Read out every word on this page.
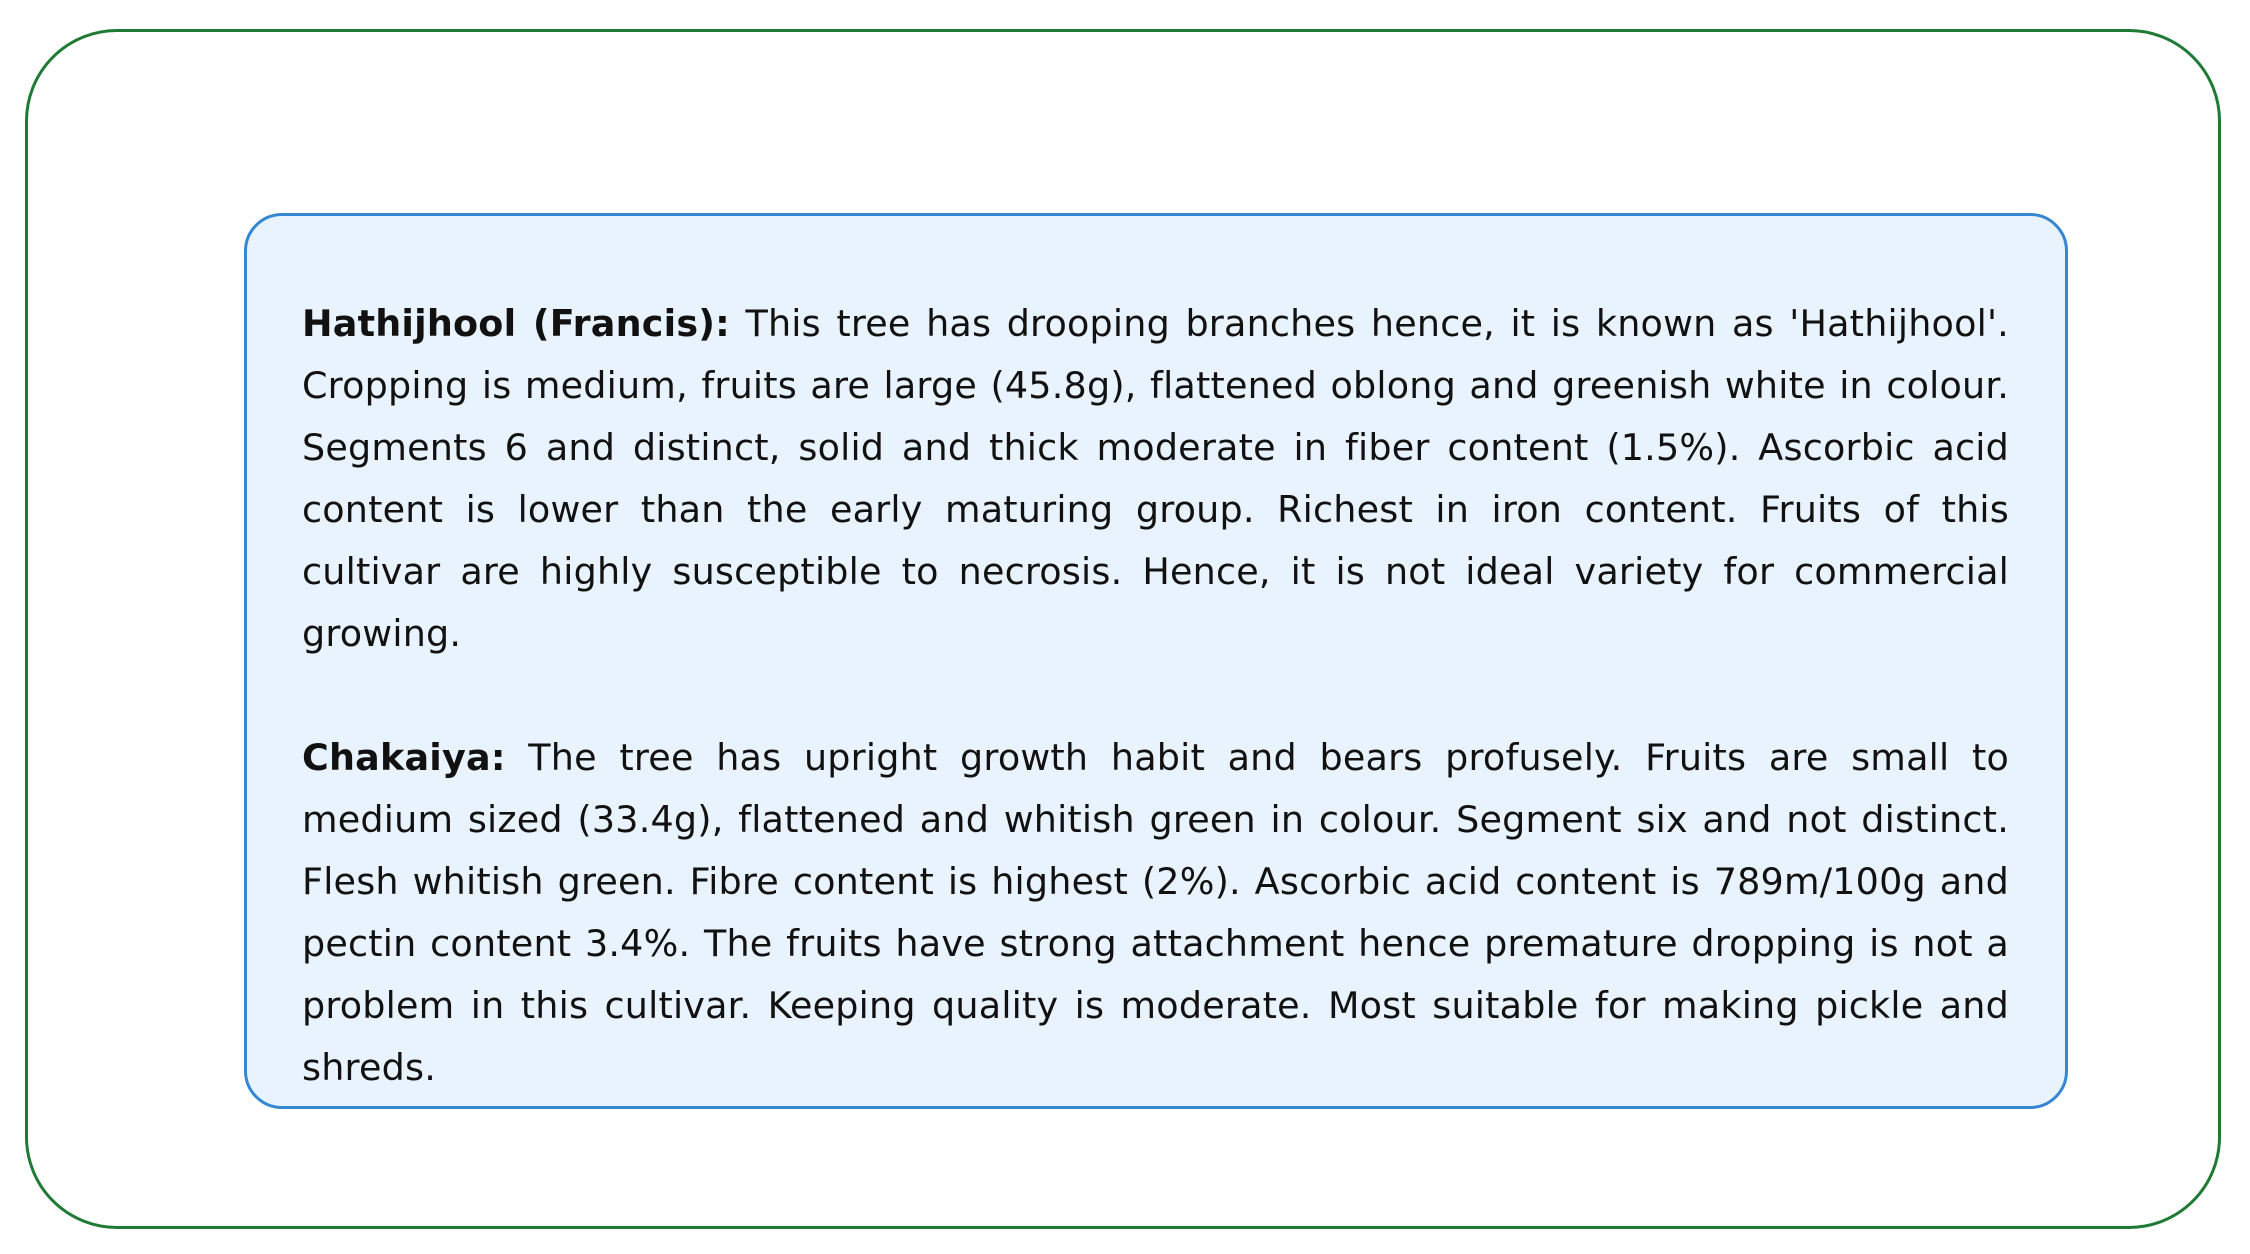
Hathijhool (Francis): This tree has drooping branches hence, it is known as 'Hathijhool'. Cropping is medium, fruits are large (45.8g), flattened oblong and greenish white in colour. Segments 6 and distinct, solid and thick moderate in fiber content (1.5%). Ascorbic acid content is lower than the early maturing group. Richest in iron content. Fruits of this cultivar are highly susceptible to necrosis. Hence, it is not ideal variety for commercial growing.

Chakaiya: The tree has upright growth habit and bears profusely. Fruits are small to medium sized (33.4g), flattened and whitish green in colour. Segment six and not distinct. Flesh whitish green. Fibre content is highest (2%). Ascorbic acid content is 789m/100g and pectin content 3.4%. The fruits have strong attachment hence premature dropping is not a problem in this cultivar. Keeping quality is moderate. Most suitable for making pickle and shreds.
